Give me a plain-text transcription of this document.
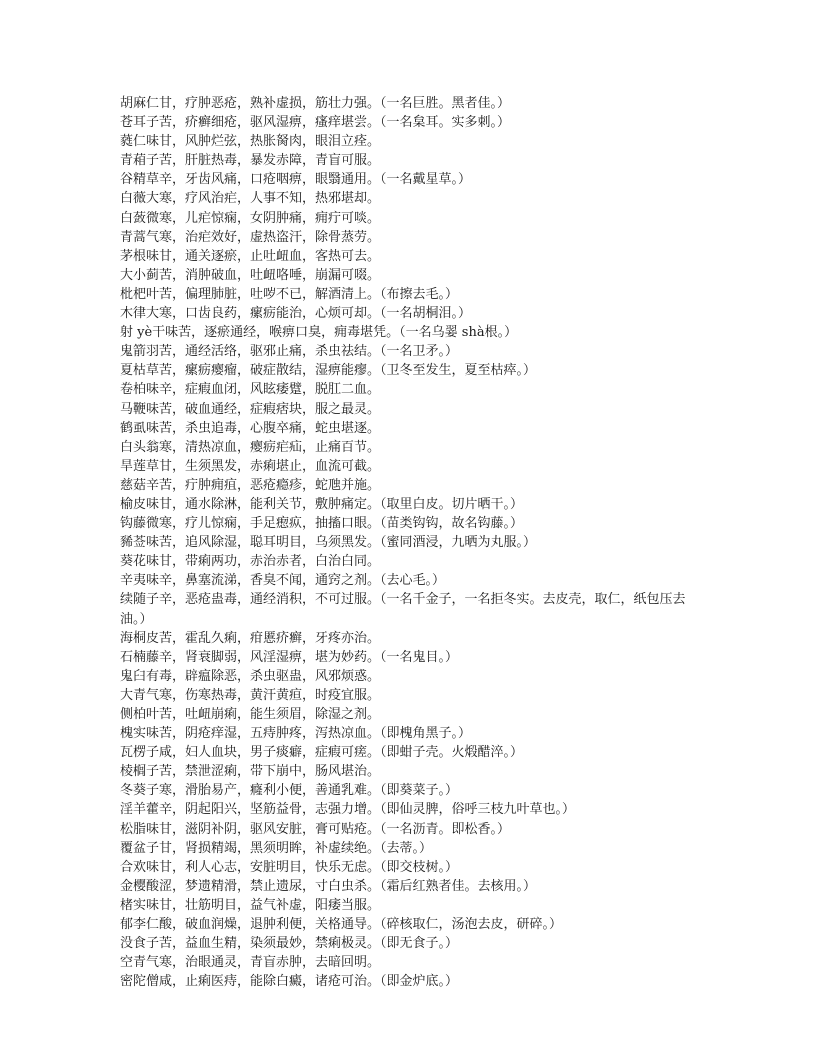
胡麻仁甘，疗肿恶疮，熟补虚损，筋壮力强。（一名巨胜。黑者佳。）
苍耳子苦，疥癣细疮，驱风湿痹，瘙痒堪尝。（一名枲耳。实多刺。）
蕤仁味甘，风肿烂弦，热胀胬肉，眼泪立痊。
青葙子苦，肝脏热毒，暴发赤障，青盲可服。
谷精草辛，牙齿风痛，口疮咽痹，眼翳通用。（一名戴星草。）
白薇大寒，疗风治疟，人事不知，热邪堪却。
白蔹微寒，儿疟惊痫，女阴肿痛，痈疔可啖。
青蒿气寒，治疟效好，虚热盗汗，除骨蒸劳。
茅根味甘，通关逐瘀，止吐衄血，客热可去。
大小蓟苦，消肿破血，吐衄咯唾，崩漏可啜。
枇杷叶苦，偏理肺脏，吐哕不已，解酒清上。（布擦去毛。）
木律大寒，口齿良药，瘰疬能治，心烦可却。（一名胡桐泪。）
射 yè干味苦，逐瘀通经，喉痹口臭，痈毒堪凭。（一名乌翣 shà根。）
鬼箭羽苦，通经活络，驱邪止痛，杀虫祛结。（一名卫矛。）
夏枯草苦，瘰疬瘿瘤，破症散结，湿痹能瘳。（卫冬至发生，夏至枯瘁。）
卷柏味辛，症瘕血闭，风眩痿躄，脱肛二血。
马鞭味苦，破血通经，症瘕痞块，服之最灵。
鹤虱味苦，杀虫追毒，心腹卒痛，蛇虫堪逐。
白头翁寒，清热凉血，瘿疬疟疝，止痛百节。
旱莲草甘，生须黑发，赤痢堪止，血流可截。
慈菇辛苦，疔肿痈疽，恶疮瘾疹，蛇虺并施。
榆皮味甘，通水除淋，能利关节，敷肿痛定。（取里白皮。切片晒干。）
钩藤微寒，疗儿惊痫，手足瘛疭，抽搐口眼。（苗类钩钩，故名钩藤。）
豨莶味苦，追风除湿，聪耳明目，乌须黑发。（蜜同酒浸，九晒为丸服。）
葵花味甘，带痢两功，赤治赤者，白治白同。
辛夷味辛，鼻塞流涕，香臭不闻，通窍之剂。（去心毛。）
续随子辛，恶疮蛊毒，通经消积，不可过服。（一名千金子，一名拒冬实。去皮壳，取仁，纸包压去油。）
海桐皮苦，霍乱久痢，疳慝疥癣，牙疼亦治。
石楠藤辛，肾衰脚弱，风淫湿痹，堪为妙药。（一名鬼目。）
鬼臼有毒，辟瘟除恶，杀虫驱蛊，风邪烦惑。
大青气寒，伤寒热毒，黄汗黄疸，时疫宜服。
侧柏叶苦，吐衄崩痢，能生须眉，除湿之剂。
槐实味苦，阴疮痒湿，五痔肿疼，泻热凉血。（即槐角黑子。）
瓦楞子咸，妇人血块，男子痰癖，症瘕可瘥。（即蚶子壳。火煅醋淬。）
棱榈子苦，禁泄涩痢，带下崩中，肠风堪治。
冬葵子寒，滑胎易产，癃利小便，善通乳难。（即葵菜子。）
淫羊藿辛，阴起阳兴，坚筋益骨，志强力增。（即仙灵脾，俗呼三枝九叶草也。）
松脂味甘，滋阴补阴，驱风安脏，膏可贴疮。（一名沥青。即松香。）
覆盆子甘，肾损精竭，黑须明眸，补虚续绝。（去蒂。）
合欢味甘，利人心志，安脏明目，快乐无虑。（即交枝树。）
金樱酸涩，梦遗精滑，禁止遗尿，寸白虫杀。（霜后红熟者佳。去核用。）
楮实味甘，壮筋明目，益气补虚，阳痿当服。
郁李仁酸，破血润燥，退肿利便，关格通导。（碎核取仁，汤泡去皮，研碎。）
没食子苦，益血生精，染须最妙，禁痢极灵。（即无食子。）
空青气寒，治眼通灵，青盲赤肿，去暗回明。
密陀僧咸，止痢医痔，能除白癜，诸疮可治。（即金炉底。）
